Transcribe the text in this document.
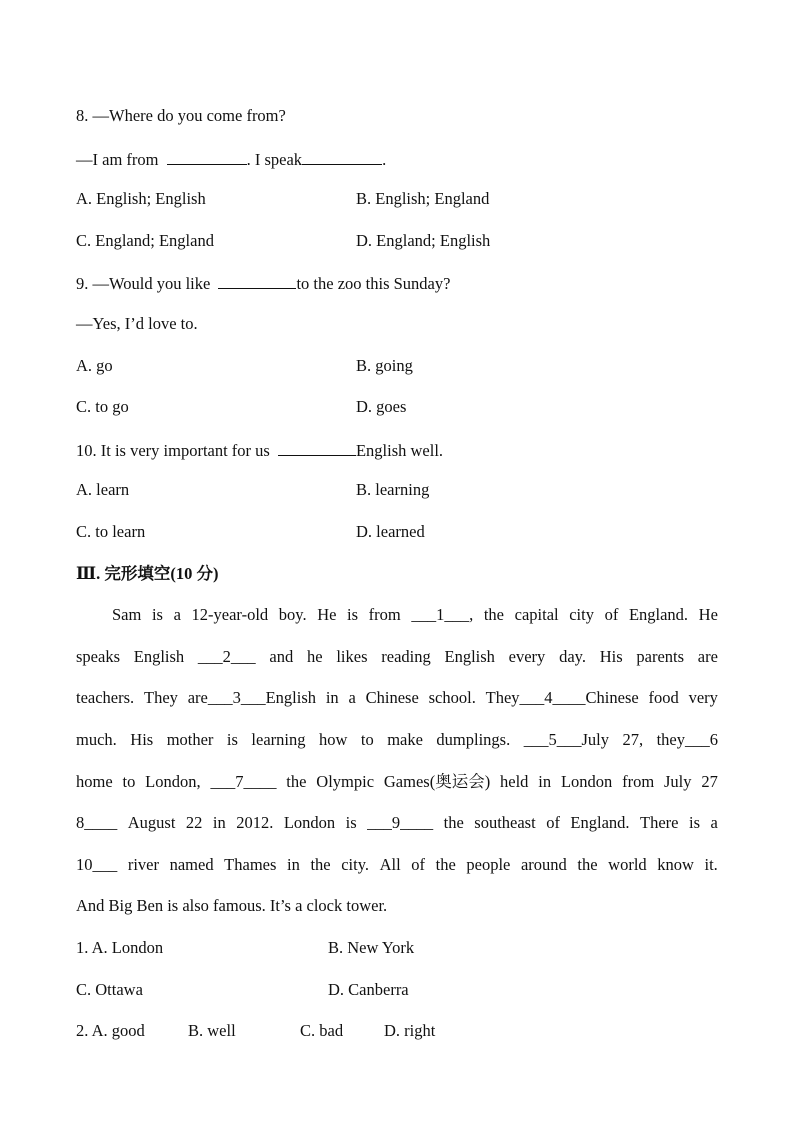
8. —Where do you come from?
—I am from	. I speak	.
A. English; English	B. English; England
C. England; England	D. England; English
9. —Would you like	to the zoo this Sunday?
—Yes, I’d love to.
A. go	B. going
C. to go	D. goes
10. It is very important for us	English well.
A. learn	B. learning
C. to learn	D. learned
Ⅲ. 完形填空(10 分)
Sam is a 12-year-old boy. He is from ___1___, the capital city of England. He
speaks English ___2___ and he likes reading English every day. His parents are
teachers. They are___3___English in a Chinese school. They___4____Chinese food very
much. His mother is learning how to make dumplings. ___5___July 27, they___6
home to London, ___7____ the Olympic Games(奥运会) held in London from July 27
8____ August 22 in 2012. London is ___9____ the southeast of England. There is a
10___ river named Thames in the city. All of the people around the world know it.
And Big Ben is also famous. It’s a clock tower.
1. A. London	B. New York
C. Ottawa	D. Canberra
2. A. good	B. well	C. bad D. right
